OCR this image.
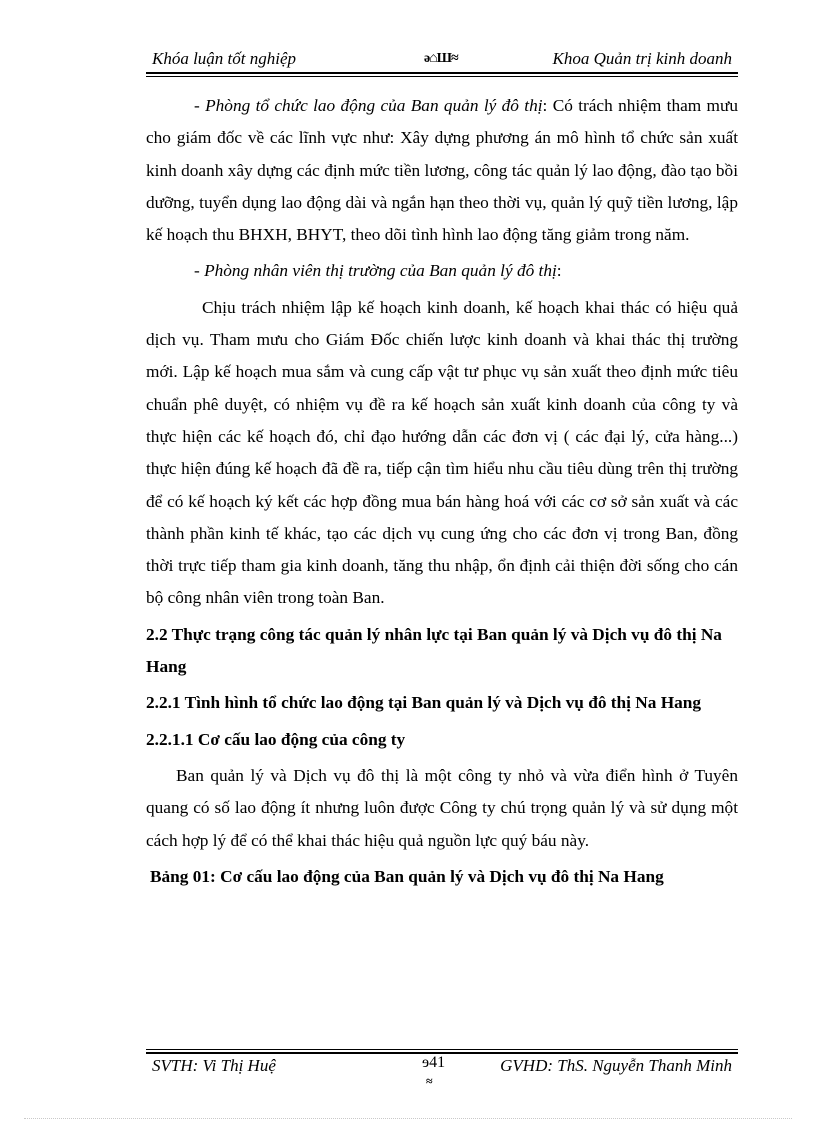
Khóa luận tốt nghiệp	ə⌂Ш≈	Khoa Quản trị kinh doanh

- Phòng tổ chức lao động của Ban quản lý đô thị: Có trách nhiệm tham mưu cho giám đốc về các lĩnh vực như: Xây dựng phương án mô hình tổ chức sản xuất kinh doanh xây dựng các định mức tiền lương, công tác quản lý lao động, đào tạo bồi dưỡng, tuyển dụng lao động dài và ngắn hạn theo thời vụ, quản lý quỹ tiền lương, lập kế hoạch thu BHXH, BHYT, theo dõi tình hình lao động tăng giảm trong năm.

- Phòng nhân viên thị trường của Ban quản lý đô thị:

Chịu trách nhiệm lập kế hoạch kinh doanh, kế hoạch khai thác có hiệu quả dịch vụ. Tham mưu cho Giám Đốc chiến lược kinh doanh và khai thác thị trường mới. Lập kế hoạch mua sắm và cung cấp vật tư phục vụ sản xuất theo định mức tiêu chuẩn phê duyệt, có nhiệm vụ đề ra kế hoạch sản xuất kinh doanh của công ty và thực hiện các kế hoạch đó, chỉ đạo hướng dẫn các đơn vị ( các đại lý, cửa hàng...) thực hiện đúng kế hoạch đã đề ra, tiếp cận tìm hiểu nhu cầu tiêu dùng trên thị trường để có kế hoạch ký kết các hợp đồng mua bán hàng hoá với các cơ sở sản xuất và các thành phần kinh tế khác, tạo các dịch vụ cung ứng cho các đơn vị trong Ban, đồng thời trực tiếp tham gia kinh doanh, tăng thu nhập, ổn định cải thiện đời sống cho cán bộ công nhân viên trong toàn Ban.

2.2 Thực trạng công tác quản lý nhân lực tại Ban quản lý và Dịch vụ đô thị Na Hang

2.2.1 Tình hình tổ chức lao động tại Ban quản lý và Dịch vụ đô thị Na Hang

2.2.1.1 Cơ cấu lao động của công ty

Ban quản lý và Dịch vụ đô thị là một công ty nhỏ và vừa điển hình ở Tuyên quang có số lao động ít nhưng luôn được Công ty chú trọng quản lý và sử dụng một cách hợp lý để có thể khai thác hiệu quả nguồn lực quý báu này.

Bảng 01: Cơ cấu lao động của Ban quản lý và Dịch vụ đô thị Na Hang

SVTH: Vi Thị Huệ	ɘ41
≈
GVHD: ThS. Nguyễn Thanh Minh
